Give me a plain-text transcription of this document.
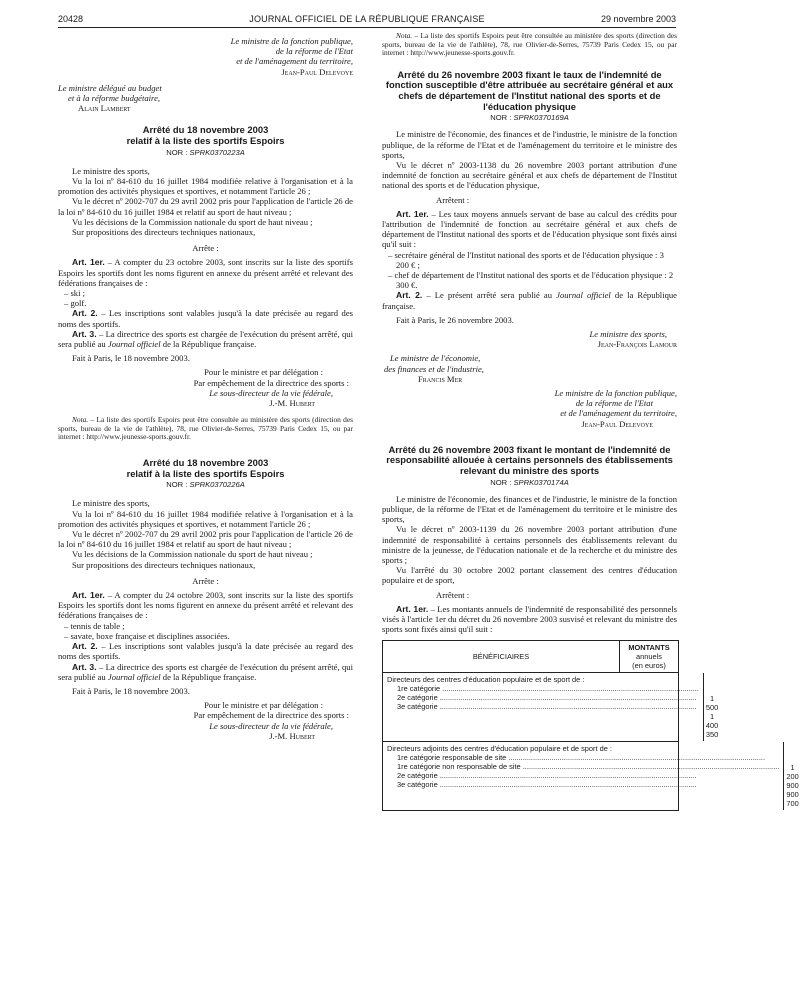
20428	JOURNAL OFFICIEL DE LA RÉPUBLIQUE FRANÇAISE	29 novembre 2003

Le ministre de la fonction publique,

de la réforme de l'Etat

et de l'aménagement du territoire,

Jean-Paul Delevoye

Le ministre délégué au budget

et à la réforme budgétaire,

Alain Lambert

Arrêté du 18 novembre 2003

relatif à la liste des sportifs Espoirs

NOR : SPRK0370223A

Le ministre des sports,

Vu la loi nº 84-610 du 16 juillet 1984 modifiée relative à l'organisation et à la promotion des activités physiques et sportives, et notamment l'article 26 ;

Vu le décret nº 2002-707 du 29 avril 2002 pris pour l'application de l'article 26 de la loi nº 84-610 du 16 juillet 1984 et relatif au sport de haut niveau ;

Vu les décisions de la Commission nationale du sport de haut niveau ;

Sur propositions des directeurs techniques nationaux,

Arrête :

Art. 1er. – A compter du 23 octobre 2003, sont inscrits sur la liste des sportifs Espoirs les sportifs dont les noms figurent en annexe du présent arrêté et relevant des fédérations françaises de :

– ski ;

– golf.

Art. 2. – Les inscriptions sont valables jusqu'à la date précisée au regard des noms des sportifs.

Art. 3. – La directrice des sports est chargée de l'exécution du présent arrêté, qui sera publié au Journal officiel de la République française.

Fait à Paris, le 18 novembre 2003.

Pour le ministre et par délégation :

Par empêchement de la directrice des sports :

Le sous-directeur de la vie fédérale,

J.-M. Hubert

Nota. – La liste des sportifs Espoirs peut être consultée au ministère des sports (direction des sports, bureau de la vie de l'athlète), 78, rue Olivier-de-Serres, 75739 Paris Cedex 15, ou par internet : http://www.jeunesse-sports.gouv.fr.

Arrêté du 18 novembre 2003

relatif à la liste des sportifs Espoirs

NOR : SPRK0370226A

Le ministre des sports,

Vu la loi nº 84-610 du 16 juillet 1984 modifiée relative à l'organisation et à la promotion des activités physiques et sportives, et notamment l'article 26 ;

Vu le décret nº 2002-707 du 29 avril 2002 pris pour l'application de l'article 26 de la loi nº 84-610 du 16 juillet 1984 et relatif au sport de haut niveau ;

Vu les décisions de la Commission nationale du sport de haut niveau ;

Sur propositions des directeurs techniques nationaux,

Arrête :

Art. 1er. – A compter du 24 octobre 2003, sont inscrits sur la liste des sportifs Espoirs les sportifs dont les noms figurent en annexe du présent arrêté et relevant des fédérations françaises de :

– tennis de table ;

– savate, boxe française et disciplines associées.

Art. 2. – Les inscriptions sont valables jusqu'à la date précisée au regard des noms des sportifs.

Art. 3. – La directrice des sports est chargée de l'exécution du présent arrêté, qui sera publié au Journal officiel de la République française.

Fait à Paris, le 18 novembre 2003.

Pour le ministre et par délégation :

Par empêchement de la directrice des sports :

Le sous-directeur de la vie fédérale,

J.-M. Hubert

Nota. – La liste des sportifs Espoirs peut être consultée au ministère des sports (direction des sports, bureau de la vie de l'athlète), 78, rue Olivier-de-Serres, 75739 Paris Cedex 15, ou par internet : http://www.jeunesse-sports.gouv.fr.

Arrêté du 26 novembre 2003 fixant le taux de l'indemnité de fonction susceptible d'être attribuée au secrétaire général et aux chefs de département de l'Institut national des sports et de l'éducation physique

NOR : SPRK0370169A

Le ministre de l'économie, des finances et de l'industrie, le ministre de la fonction publique, de la réforme de l'Etat et de l'aménagement du territoire et le ministre des sports,

Vu le décret nº 2003-1138 du 26 novembre 2003 portant attribution d'une indemnité de fonction au secrétaire général et aux chefs de département de l'Institut national des sports et de l'éducation physique,

Arrêtent :

Art. 1er. – Les taux moyens annuels servant de base au calcul des crédits pour l'attribution de l'indemnité de fonction au secrétaire général et aux chefs de département de l'Institut national des sports et de l'éducation physique sont fixés ainsi qu'il suit :

– secrétaire général de l'Institut national des sports et de l'éducation physique : 3 200 € ;

– chef de département de l'Institut national des sports et de l'éducation physique : 2 300 €.

Art. 2. – Le présent arrêté sera publié au Journal officiel de la République française.

Fait à Paris, le 26 novembre 2003.

Le ministre des sports,

Jean-François Lamour

Le ministre de l'économie,

des finances et de l'industrie,

Francis Mer

Le ministre de la fonction publique,

de la réforme de l'Etat

et de l'aménagement du territoire,

Jean-Paul Delevoye

Arrêté du 26 novembre 2003 fixant le montant de l'indemnité de responsabilité allouée à certains personnels des établissements relevant du ministre des sports

NOR : SPRK0370174A

Le ministre de l'économie, des finances et de l'industrie, le ministre de la fonction publique, de la réforme de l'Etat et de l'aménagement du territoire et le ministre des sports,

Vu le décret nº 2003-1139 du 26 novembre 2003 portant attribution d'une indemnité de responsabilité à certains personnels des établissements relevant du ministre de la jeunesse, de l'éducation nationale et de la recherche et du ministre des sports ;

Vu l'arrêté du 30 octobre 2002 portant classement des centres d'éducation populaire et de sport,

Arrêtent :

Art. 1er. – Les montants annuels de l'indemnité de responsabilité des personnels visés à l'article 1er du décret du 26 novembre 2003 susvisé et relevant du ministre des sports sont fixés ainsi qu'il suit :

BÉNÉFICIAIRES
MONTANTS
annuels
(en euros)
Directeurs des centres d'éducation populaire et de sport de :
1re catégorie .....
2e catégorie .....
3e catégorie .....
1 500
1 400
350
Directeurs adjoints des centres d'éducation populaire et de sport de :
1re catégorie responsable de site .....
1re catégorie non responsable de site .....
2e catégorie .....
3e catégorie .....
1 200
900
900
700
